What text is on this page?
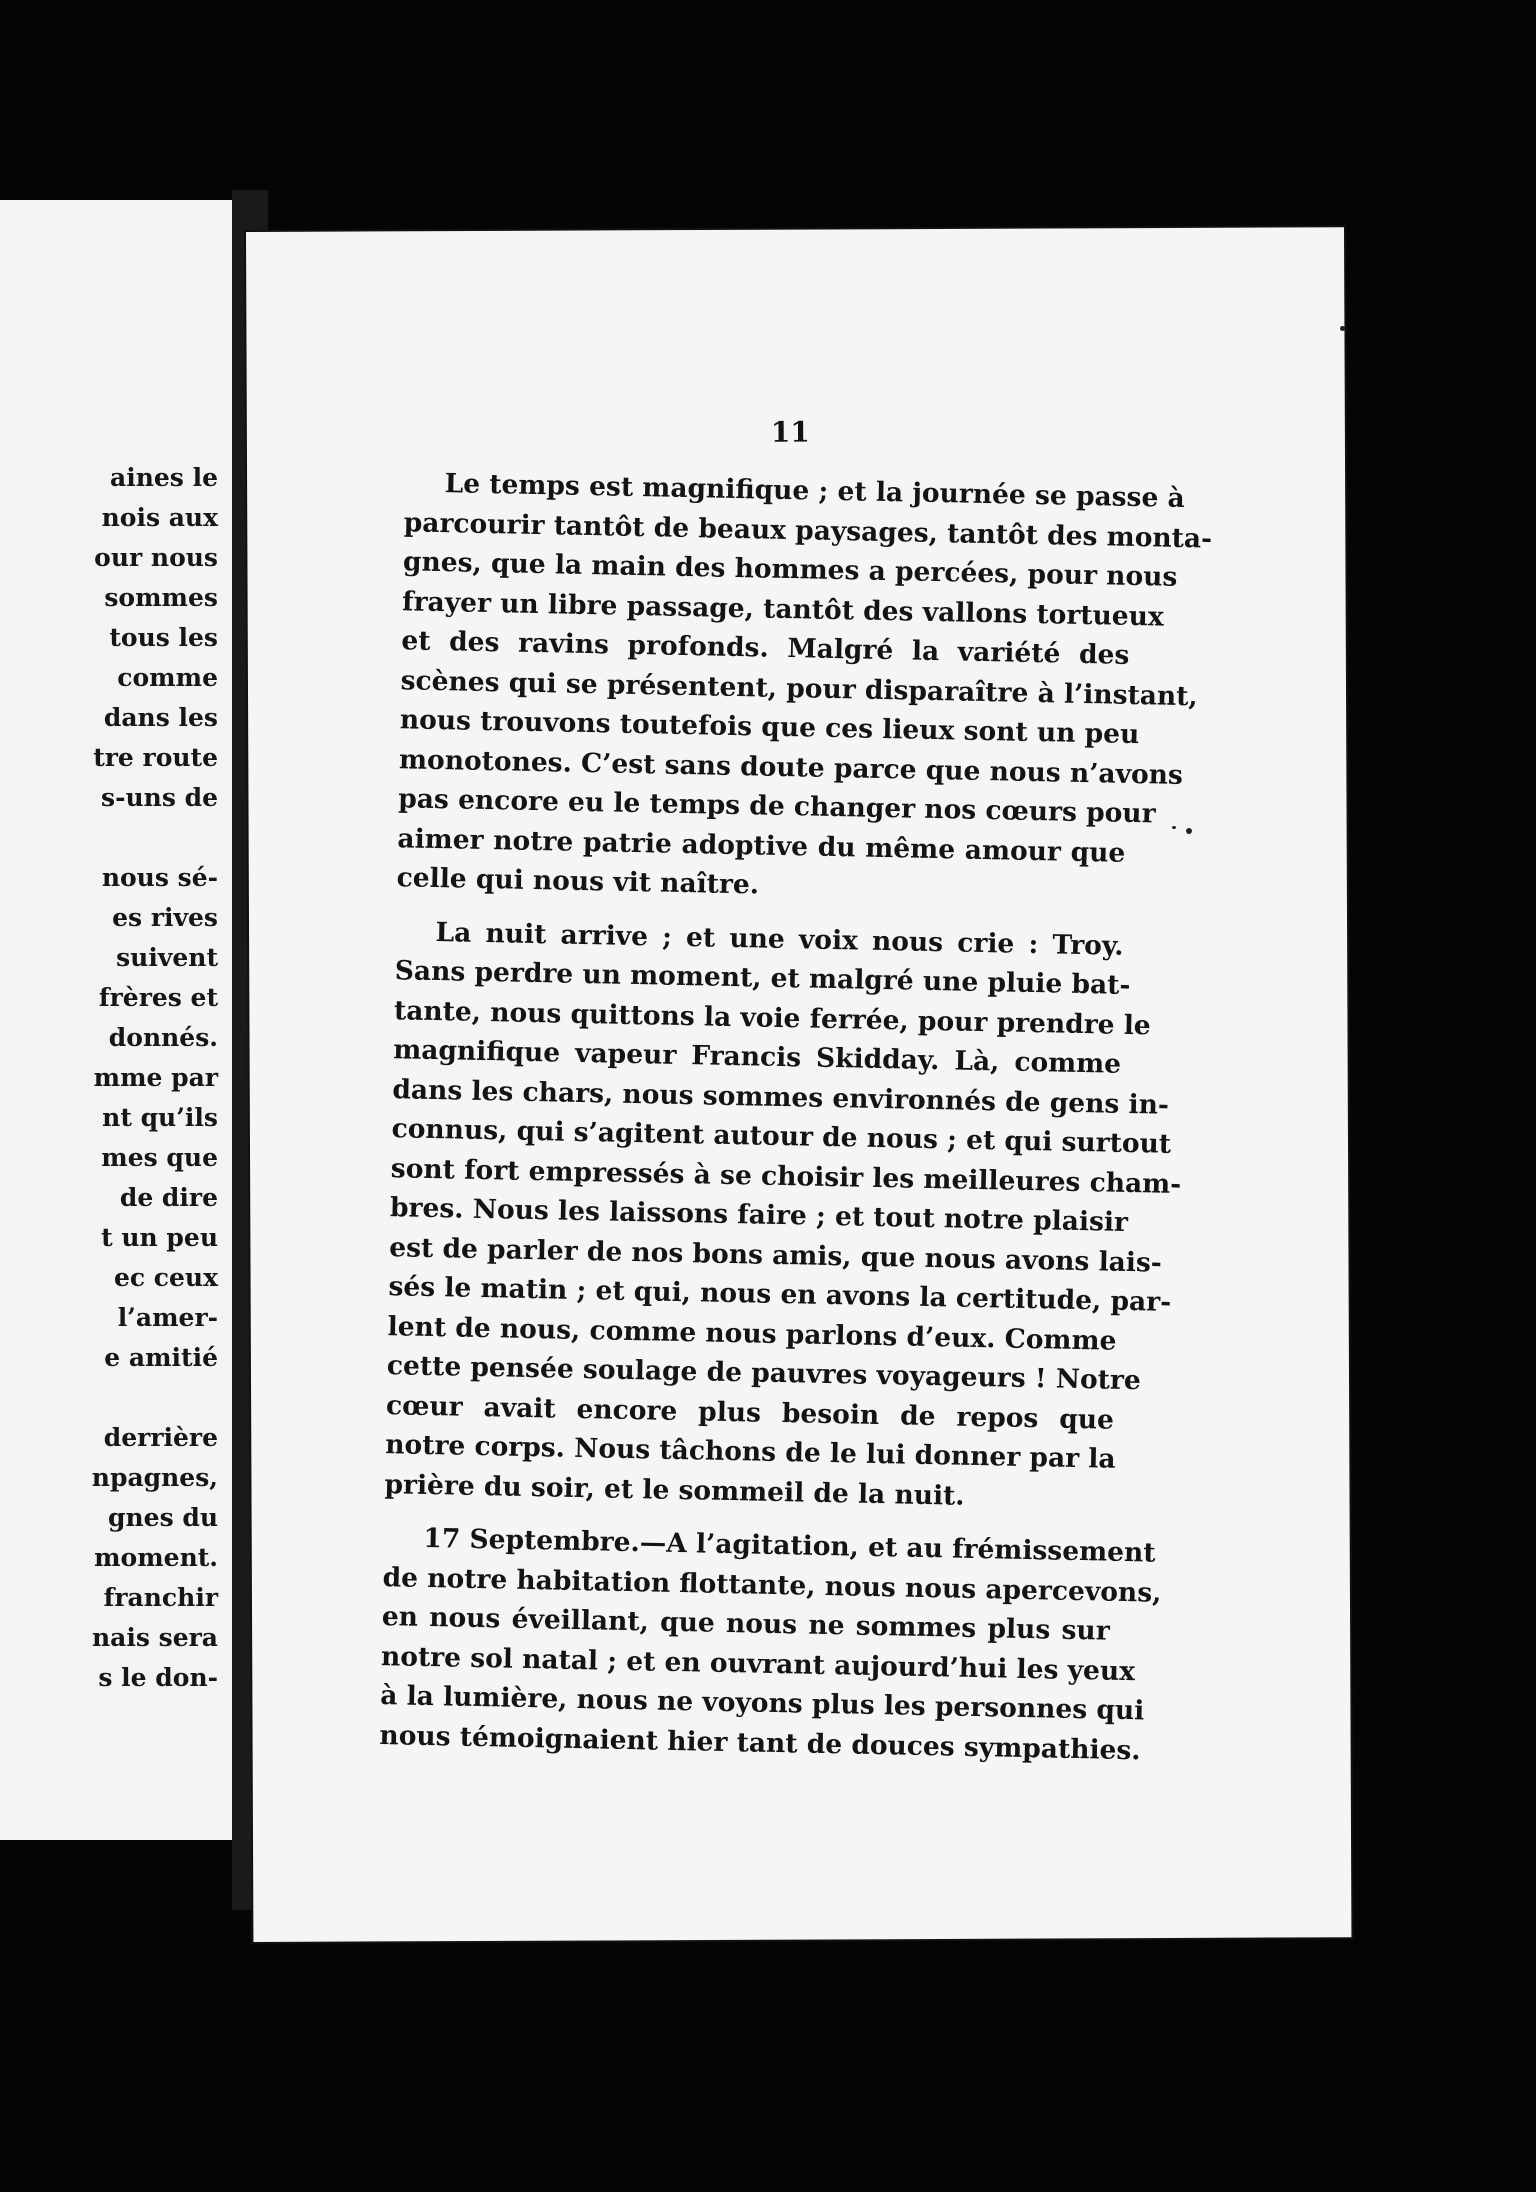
aines le
nois aux
our nous
sommes
tous les
comme
dans les
tre route
s-uns de
nous sé-
es rives
suivent
frères et
donnés.
mme par
nt qu’ils
mes que
de dire
t un peu
ec ceux
l’amer-
e amitié
derrière
npagnes,
gnes du
moment.
franchir
nais sera
s le don-
11
Le temps est magnifique ; et la journée se passe à
parcourir tantôt de beaux paysages, tantôt des monta-
gnes, que la main des hommes a percées, pour nous
frayer un libre passage, tantôt des vallons tortueux
et des ravins profonds. Malgré la variété des
scènes qui se présentent, pour disparaître à l’instant,
nous trouvons toutefois que ces lieux sont un peu
monotones. C’est sans doute parce que nous n’avons
pas encore eu le temps de changer nos cœurs pour
aimer notre patrie adoptive du même amour que
celle qui nous vit naître.
La nuit arrive ; et une voix nous crie : Troy.
Sans perdre un moment, et malgré une pluie bat-
tante, nous quittons la voie ferrée, pour prendre le
magnifique vapeur Francis Skidday. Là, comme
dans les chars, nous sommes environnés de gens in-
connus, qui s’agitent autour de nous ; et qui surtout
sont fort empressés à se choisir les meilleures cham-
bres. Nous les laissons faire ; et tout notre plaisir
est de parler de nos bons amis, que nous avons lais-
sés le matin ; et qui, nous en avons la certitude, par-
lent de nous, comme nous parlons d’eux. Comme
cette pensée soulage de pauvres voyageurs ! Notre
cœur avait encore plus besoin de repos que
notre corps. Nous tâchons de le lui donner par la
prière du soir, et le sommeil de la nuit.
17 Septembre.—A l’agitation, et au frémissement
de notre habitation flottante, nous nous apercevons,
en nous éveillant, que nous ne sommes plus sur
notre sol natal ; et en ouvrant aujourd’hui les yeux
à la lumière, nous ne voyons plus les personnes qui
nous témoignaient hier tant de douces sympathies.
